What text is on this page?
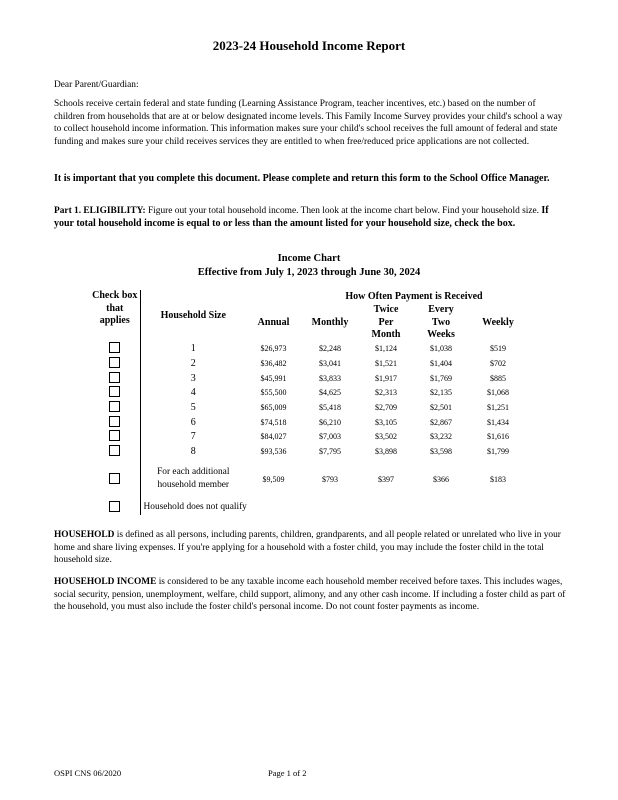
2023-24 Household Income Report

Dear Parent/Guardian:

Schools receive certain federal and state funding (Learning Assistance Program, teacher incentives, etc.) based on the number of children from households that are at or below designated income levels. This Family Income Survey provides your child's school a way to collect household income information. This information makes sure your child's school receives the full amount of federal and state funding and makes sure your child receives services they are entitled to when free/reduced price applications are not collected.

It is important that you complete this document. Please complete and return this form to the School Office Manager.

Part 1. ELIGIBILITY: Figure out your total household income. Then look at the income chart below. Find your household size. If your total household income is equal to or less than the amount listed for your household size, check the box.

Income Chart
Effective from July 1, 2023 through June 30, 2024
Check box that applies	Household Size	Annual	How Often Payment is Received			
			Monthly	Twice Per Month	Every Two Weeks	Weekly

	1	$26,973	$2,248	$1,124	$1,038	$519
	2	$36,482	$3,041	$1,521	$1,404	$702
	3	$45,991	$3,833	$1,917	$1,769	$885
	4	$55,500	$4,625	$2,313	$2,135	$1,068
	5	$65,009	$5,418	$2,709	$2,501	$1,251
	6	$74,518	$6,210	$3,105	$2,867	$1,434
	7	$84,027	$7,003	$3,502	$3,232	$1,616
	8	$93,536	$7,795	$3,898	$3,598	$1,799
	For each additional household member	$9,509	$793	$397	$366	$183
	Household does not qualify					

HOUSEHOLD is defined as all persons, including parents, children, grandparents, and all people related or unrelated who live in your home and share living expenses. If you're applying for a household with a foster child, you may include the foster child in the total household size.

HOUSEHOLD INCOME is considered to be any taxable income each household member received before taxes. This includes wages, social security, pension, unemployment, welfare, child support, alimony, and any other cash income. If including a foster child as part of the household, you must also include the foster child's personal income. Do not count foster payments as income.

OSPI CNS 06/2020	Page 1 of 2
